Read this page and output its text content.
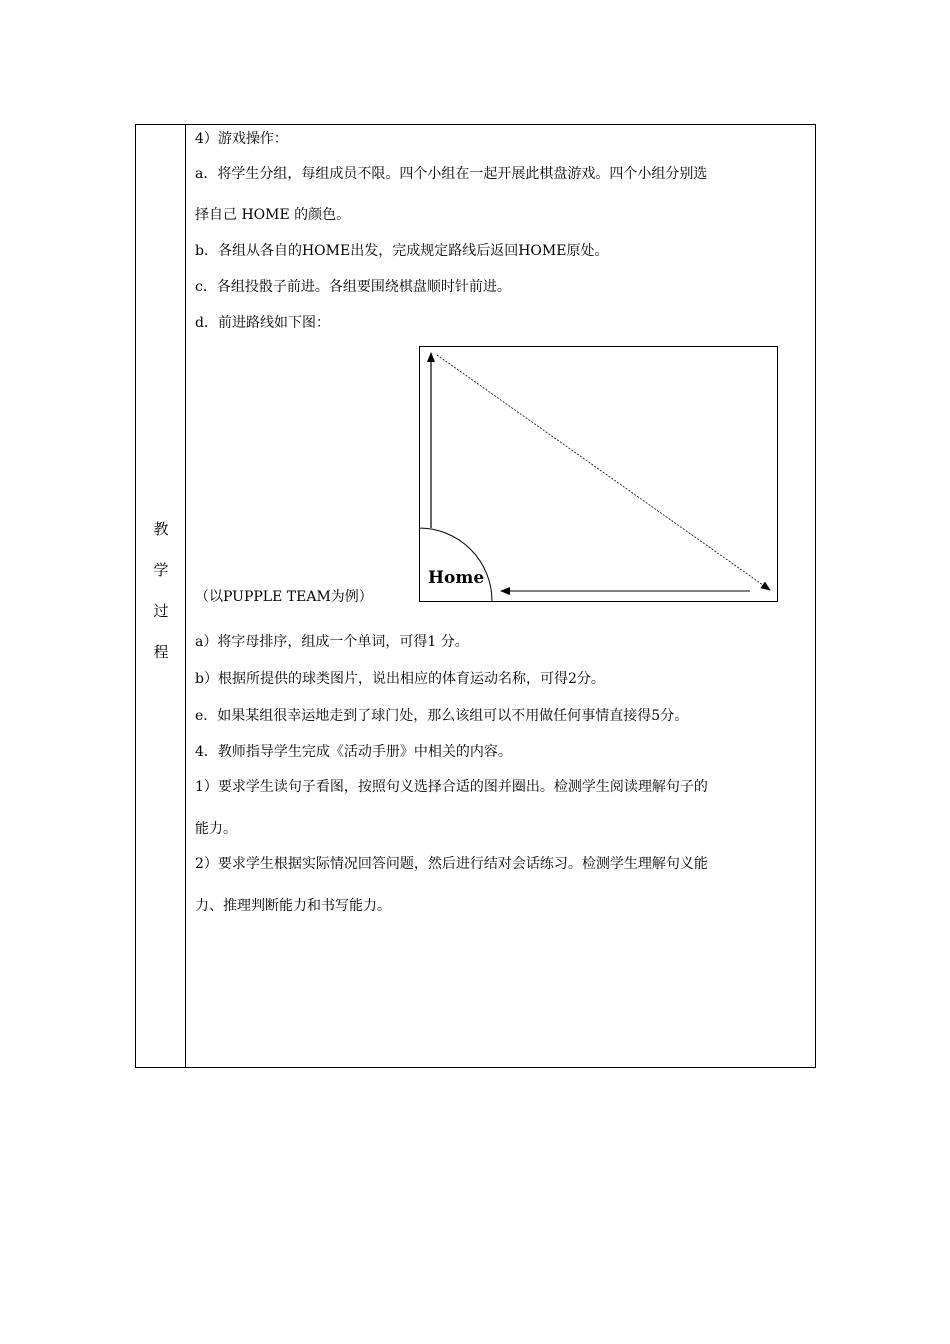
教
学
过
程
4）游戏操作：
a．将学生分组，每组成员不限。四个小组在一起开展此棋盘游戏。四个小组分别选
择自己 HOME 的颜色。
b．各组从各自的HOME出发，完成规定路线后返回HOME原处。
c．各组投骰子前进。各组要围绕棋盘顺时针前进。
d．前进路线如下图：
Home
（以PUPPLE TEAM为例）
a）将字母排序，组成一个单词，可得1 分。
b）根据所提供的球类图片，说出相应的体育运动名称，可得2分。
e．如果某组很幸运地走到了球门处，那么该组可以不用做任何事情直接得5分。
4．教师指导学生完成《活动手册》中相关的内容。
1）要求学生读句子看图，按照句义选择合适的图并圈出。检测学生阅读理解句子的
能力。
2）要求学生根据实际情况回答问题，然后进行结对会话练习。检测学生理解句义能
力、推理判断能力和书写能力。
